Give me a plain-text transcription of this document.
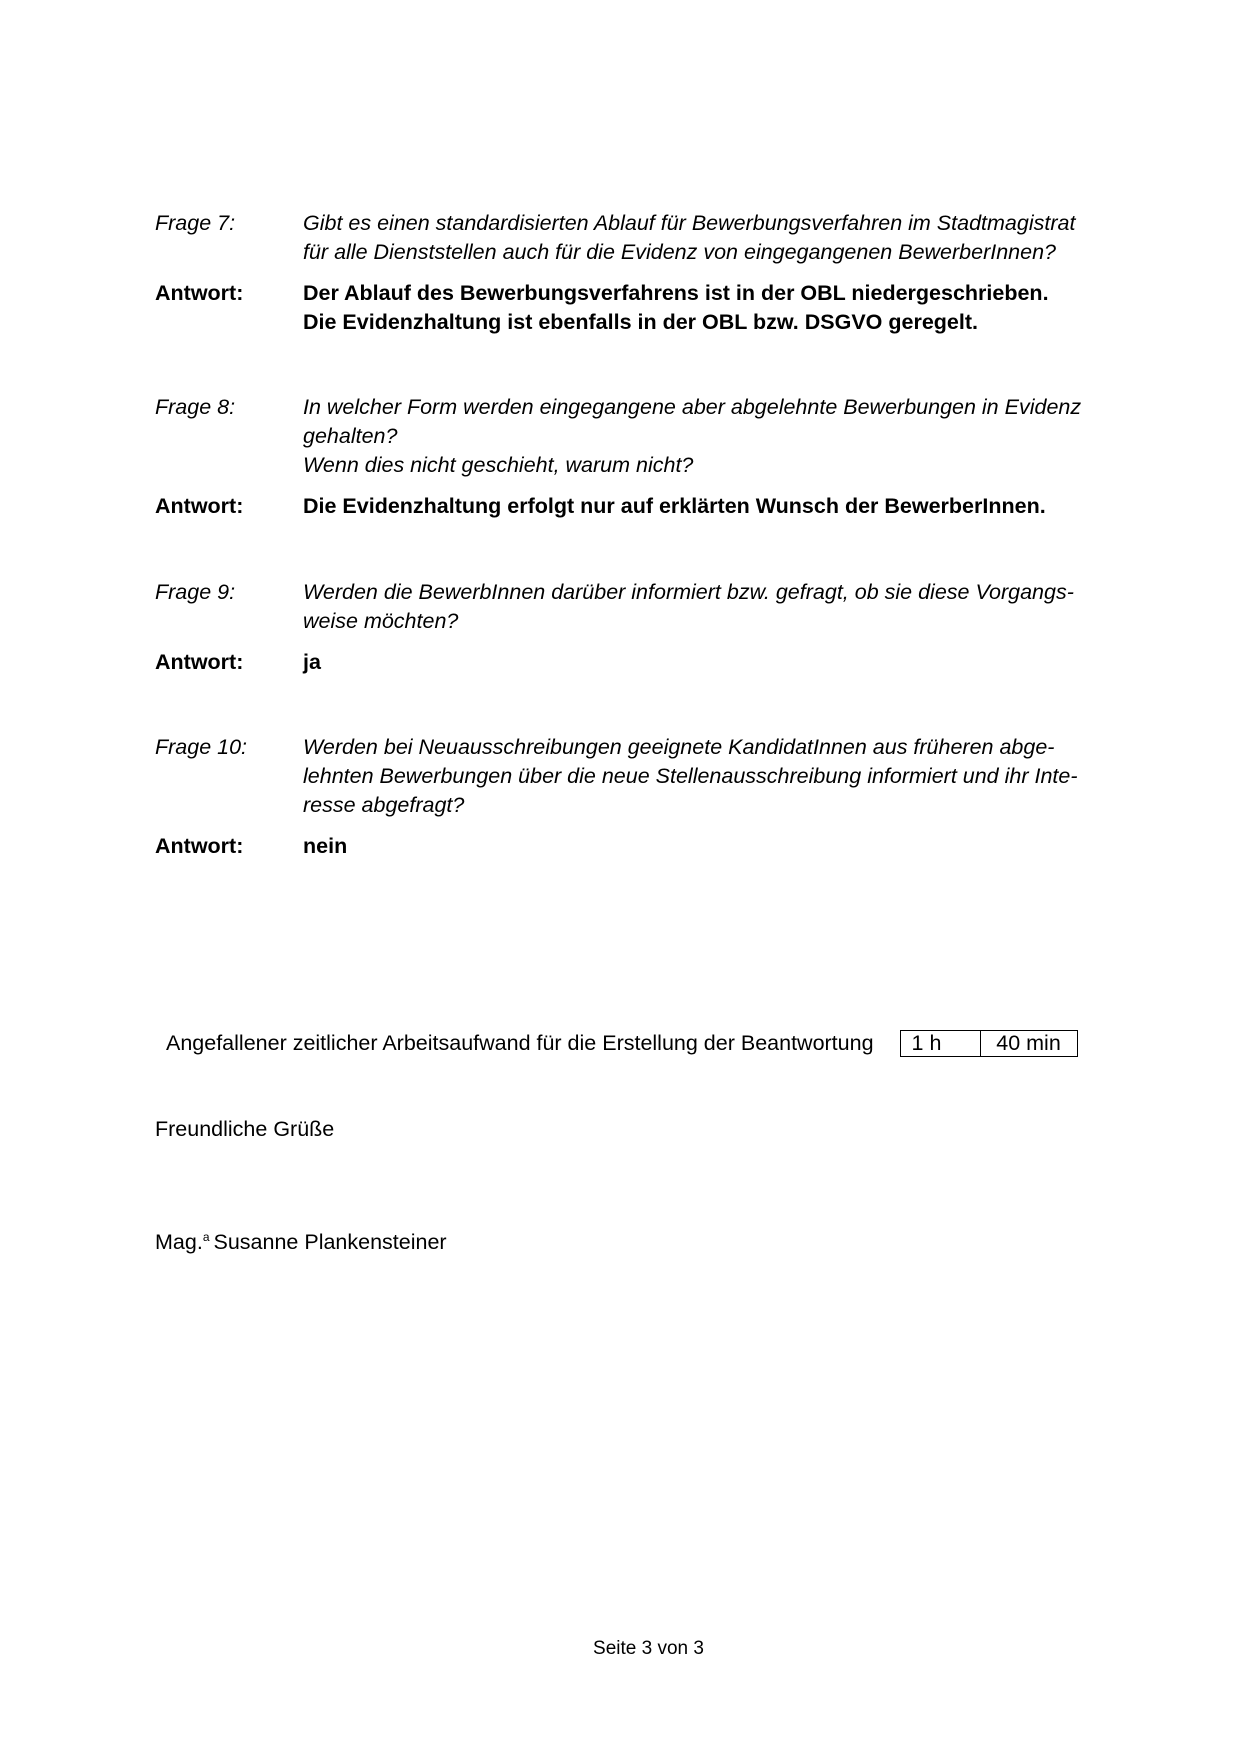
Frage 7:	Gibt es einen standardisierten Ablauf für Bewerbungsverfahren im Stadtmagistrat
für alle Dienststellen auch für die Evidenz von eingegangenen BewerberInnen?
Antwort:	Der Ablauf des Bewerbungsverfahrens ist in der OBL niedergeschrieben.
Die Evidenzhaltung ist ebenfalls in der OBL bzw. DSGVO geregelt.
Frage 8:	In welcher Form werden eingegangene aber abgelehnte Bewerbungen in Evidenz
gehalten?
Wenn dies nicht geschieht, warum nicht?
Antwort:	Die Evidenzhaltung erfolgt nur auf erklärten Wunsch der BewerberInnen.
Frage 9:	Werden die BewerbInnen darüber informiert bzw. gefragt, ob sie diese Vorgangs-
weise möchten?
Antwort:	ja
Frage 10:	Werden bei Neuausschreibungen geeignete KandidatInnen aus früheren abge-
lehnten Bewerbungen über die neue Stellenausschreibung informiert und ihr Inte-
resse abgefragt?
Antwort:	nein
Angefallener zeitlicher Arbeitsaufwand für die Erstellung der Beantwortung	1 h	40 min
Freundliche Grüße
Mag.$^a$ Susanne Plankensteiner
Seite 3 von 3
